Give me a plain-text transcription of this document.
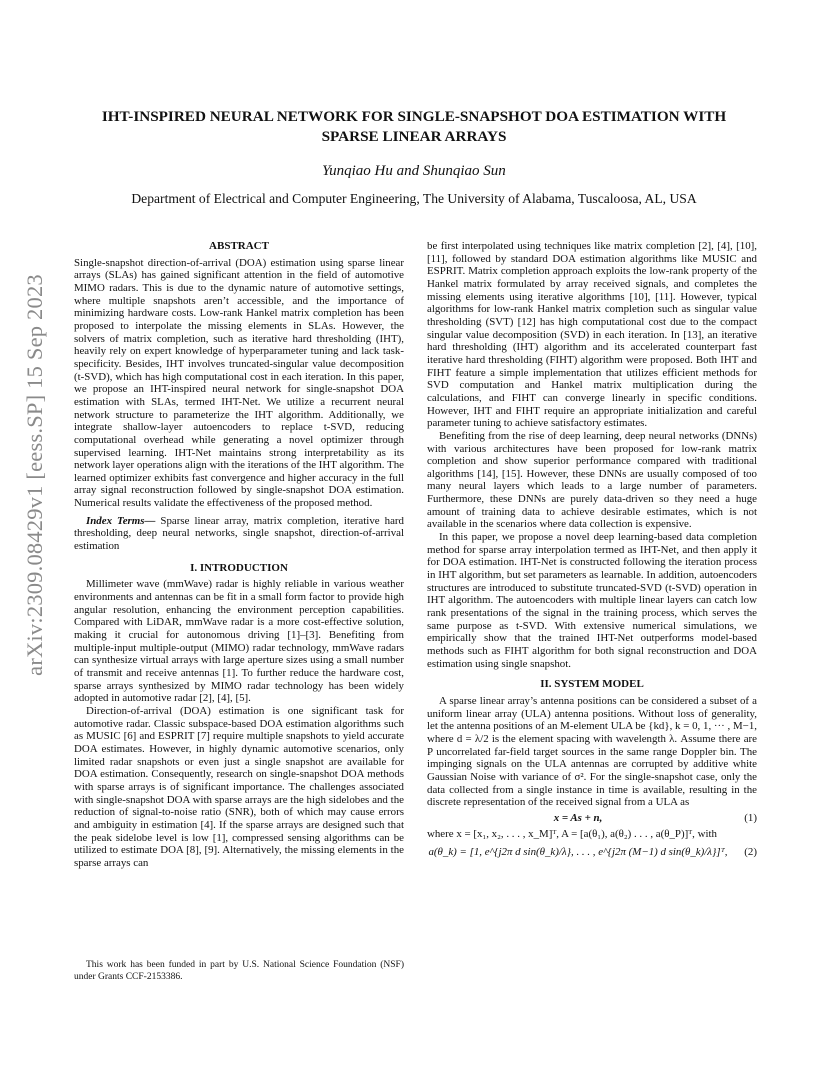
arXiv:2309.08429v1 [eess.SP] 15 Sep 2023
IHT-INSPIRED NEURAL NETWORK FOR SINGLE-SNAPSHOT DOA ESTIMATION WITH SPARSE LINEAR ARRAYS
Yunqiao Hu and Shunqiao Sun
Department of Electrical and Computer Engineering, The University of Alabama, Tuscaloosa, AL, USA
ABSTRACT

Single-snapshot direction-of-arrival (DOA) estimation using sparse linear arrays (SLAs) has gained significant attention in the field of automotive MIMO radars. This is due to the dynamic nature of automotive settings, where multiple snapshots aren’t accessible, and the importance of minimizing hardware costs. Low-rank Hankel matrix completion has been proposed to interpolate the missing elements in SLAs. However, the solvers of matrix completion, such as iterative hard thresholding (IHT), heavily rely on expert knowledge of hyperparameter tuning and lack task-specificity. Besides, IHT involves truncated-singular value decomposition (t-SVD), which has high computational cost in each iteration. In this paper, we propose an IHT-inspired neural network for single-snapshot DOA estimation with SLAs, termed IHT-Net. We utilize a recurrent neural network structure to parameterize the IHT algorithm. Additionally, we integrate shallow-layer autoencoders to replace t-SVD, reducing computational overhead while generating a novel optimizer through supervised learning. IHT-Net maintains strong interpretability as its network layer operations align with the iterations of the IHT algorithm. The learned optimizer exhibits fast convergence and higher accuracy in the full array signal reconstruction followed by single-snapshot DOA estimation. Numerical results validate the effectiveness of the proposed method.

Index Terms— Sparse linear array, matrix completion, iterative hard thresholding, deep neural networks, single snapshot, direction-of-arrival estimation

I. INTRODUCTION

Millimeter wave (mmWave) radar is highly reliable in various weather environments and antennas can be fit in a small form factor to provide high angular resolution, enhancing the environment perception capabilities. Compared with LiDAR, mmWave radar is a more cost-effective solution, making it crucial for autonomous driving [1]–[3]. Benefiting from multiple-input multiple-output (MIMO) radar technology, mmWave radars can synthesize virtual arrays with large aperture sizes using a small number of transmit and receive antennas [1]. To further reduce the hardware cost, sparse arrays synthesized by MIMO radar technology has been widely adopted in automotive radar [2], [4], [5].

Direction-of-arrival (DOA) estimation is one significant task for automotive radar. Classic subspace-based DOA estimation algorithms such as MUSIC [6] and ESPRIT [7] require multiple snapshots to yield accurate DOA estimates. However, in highly dynamic automotive scenarios, only limited radar snapshots or even just a single snapshot are available for DOA estimation. Consequently, research on single-snapshot DOA methods with sparse arrays is of significant importance. The challenges associated with single-snapshot DOA with sparse arrays are the high sidelobes and the reduction of signal-to-noise ratio (SNR), both of which may cause errors and ambiguity in estimation [4]. If the sparse arrays are designed such that the peak sidelobe level is low [1], compressed sensing algorithms can be utilized to estimate DOA [8], [9]. Alternatively, the missing elements in the sparse arrays can

This work has been funded in part by U.S. National Science Foundation (NSF) under Grants CCF-2153386.

be first interpolated using techniques like matrix completion [2], [4], [10], [11], followed by standard DOA estimation algorithms like MUSIC and ESPRIT. Matrix completion approach exploits the low-rank property of the Hankel matrix formulated by array received signals, and completes the missing elements using iterative algorithms [10], [11]. However, typical algorithms for low-rank Hankel matrix completion such as singular value thresholding (SVT) [12] has high computational cost due to the compact singular value decomposition (SVD) in each iteration. In [13], an iterative hard thresholding (IHT) algorithm and its accelerated counterpart fast iterative hard thresholding (FIHT) algorithm were proposed. Both IHT and FIHT feature a simple implementation that utilizes efficient methods for SVD computation and Hankel matrix multiplication during the calculations, and FIHT can converge linearly in specific conditions. However, IHT and FIHT require an appropriate initialization and careful parameter tuning to achieve satisfactory estimates.

Benefiting from the rise of deep learning, deep neural networks (DNNs) with various architectures have been proposed for low-rank matrix completion and show superior performance compared with traditional algorithms [14], [15]. However, these DNNs are usually composed of too many neural layers which leads to a large number of parameters. Furthermore, these DNNs are purely data-driven so they need a huge amount of training data to achieve desirable estimates, which is not available in the scenarios where data collection is expensive.

In this paper, we propose a novel deep learning-based data completion method for sparse array interpolation termed as IHT-Net, and then apply it for DOA estimation. IHT-Net is constructed following the iteration process in IHT algorithm, but set parameters as learnable. In addition, autoencoders structures are introduced to substitute truncated-SVD (t-SVD) operation in IHT algorithm. The autoencoders with multiple linear layers can catch low rank presentations of the signal in the training process, which serves the same purpose as t-SVD. With extensive numerical simulations, we empirically show that the trained IHT-Net outperforms model-based methods such as FIHT algorithm for both signal reconstruction and DOA estimation using single snapshot.

II. SYSTEM MODEL

A sparse linear array’s antenna positions can be considered a subset of a uniform linear array (ULA) antenna positions. Without loss of generality, let the antenna positions of an M-element ULA be {kd}, k = 0, 1, ··· , M−1, where d = λ/2 is the element spacing with wavelength λ. Assume there are P uncorrelated far-field target sources in the same range Doppler bin. The impinging signals on the ULA antennas are corrupted by additive white Gaussian Noise with variance of σ². For the single-snapshot case, only the data collected from a single instance in time is available, resulting in the discrete representation of the received signal from a ULA as

x = As + n,	(1)

where x = [x₁, x₂, . . . , x_M]ᵀ, A = [a(θ₁), a(θ₂) . . . , a(θ_P)]ᵀ, with

a(θ_k) = [1, e^{j2π d sin(θ_k)/λ}, . . . , e^{j2π (M−1) d sin(θ_k)/λ}]ᵀ,	(2)
